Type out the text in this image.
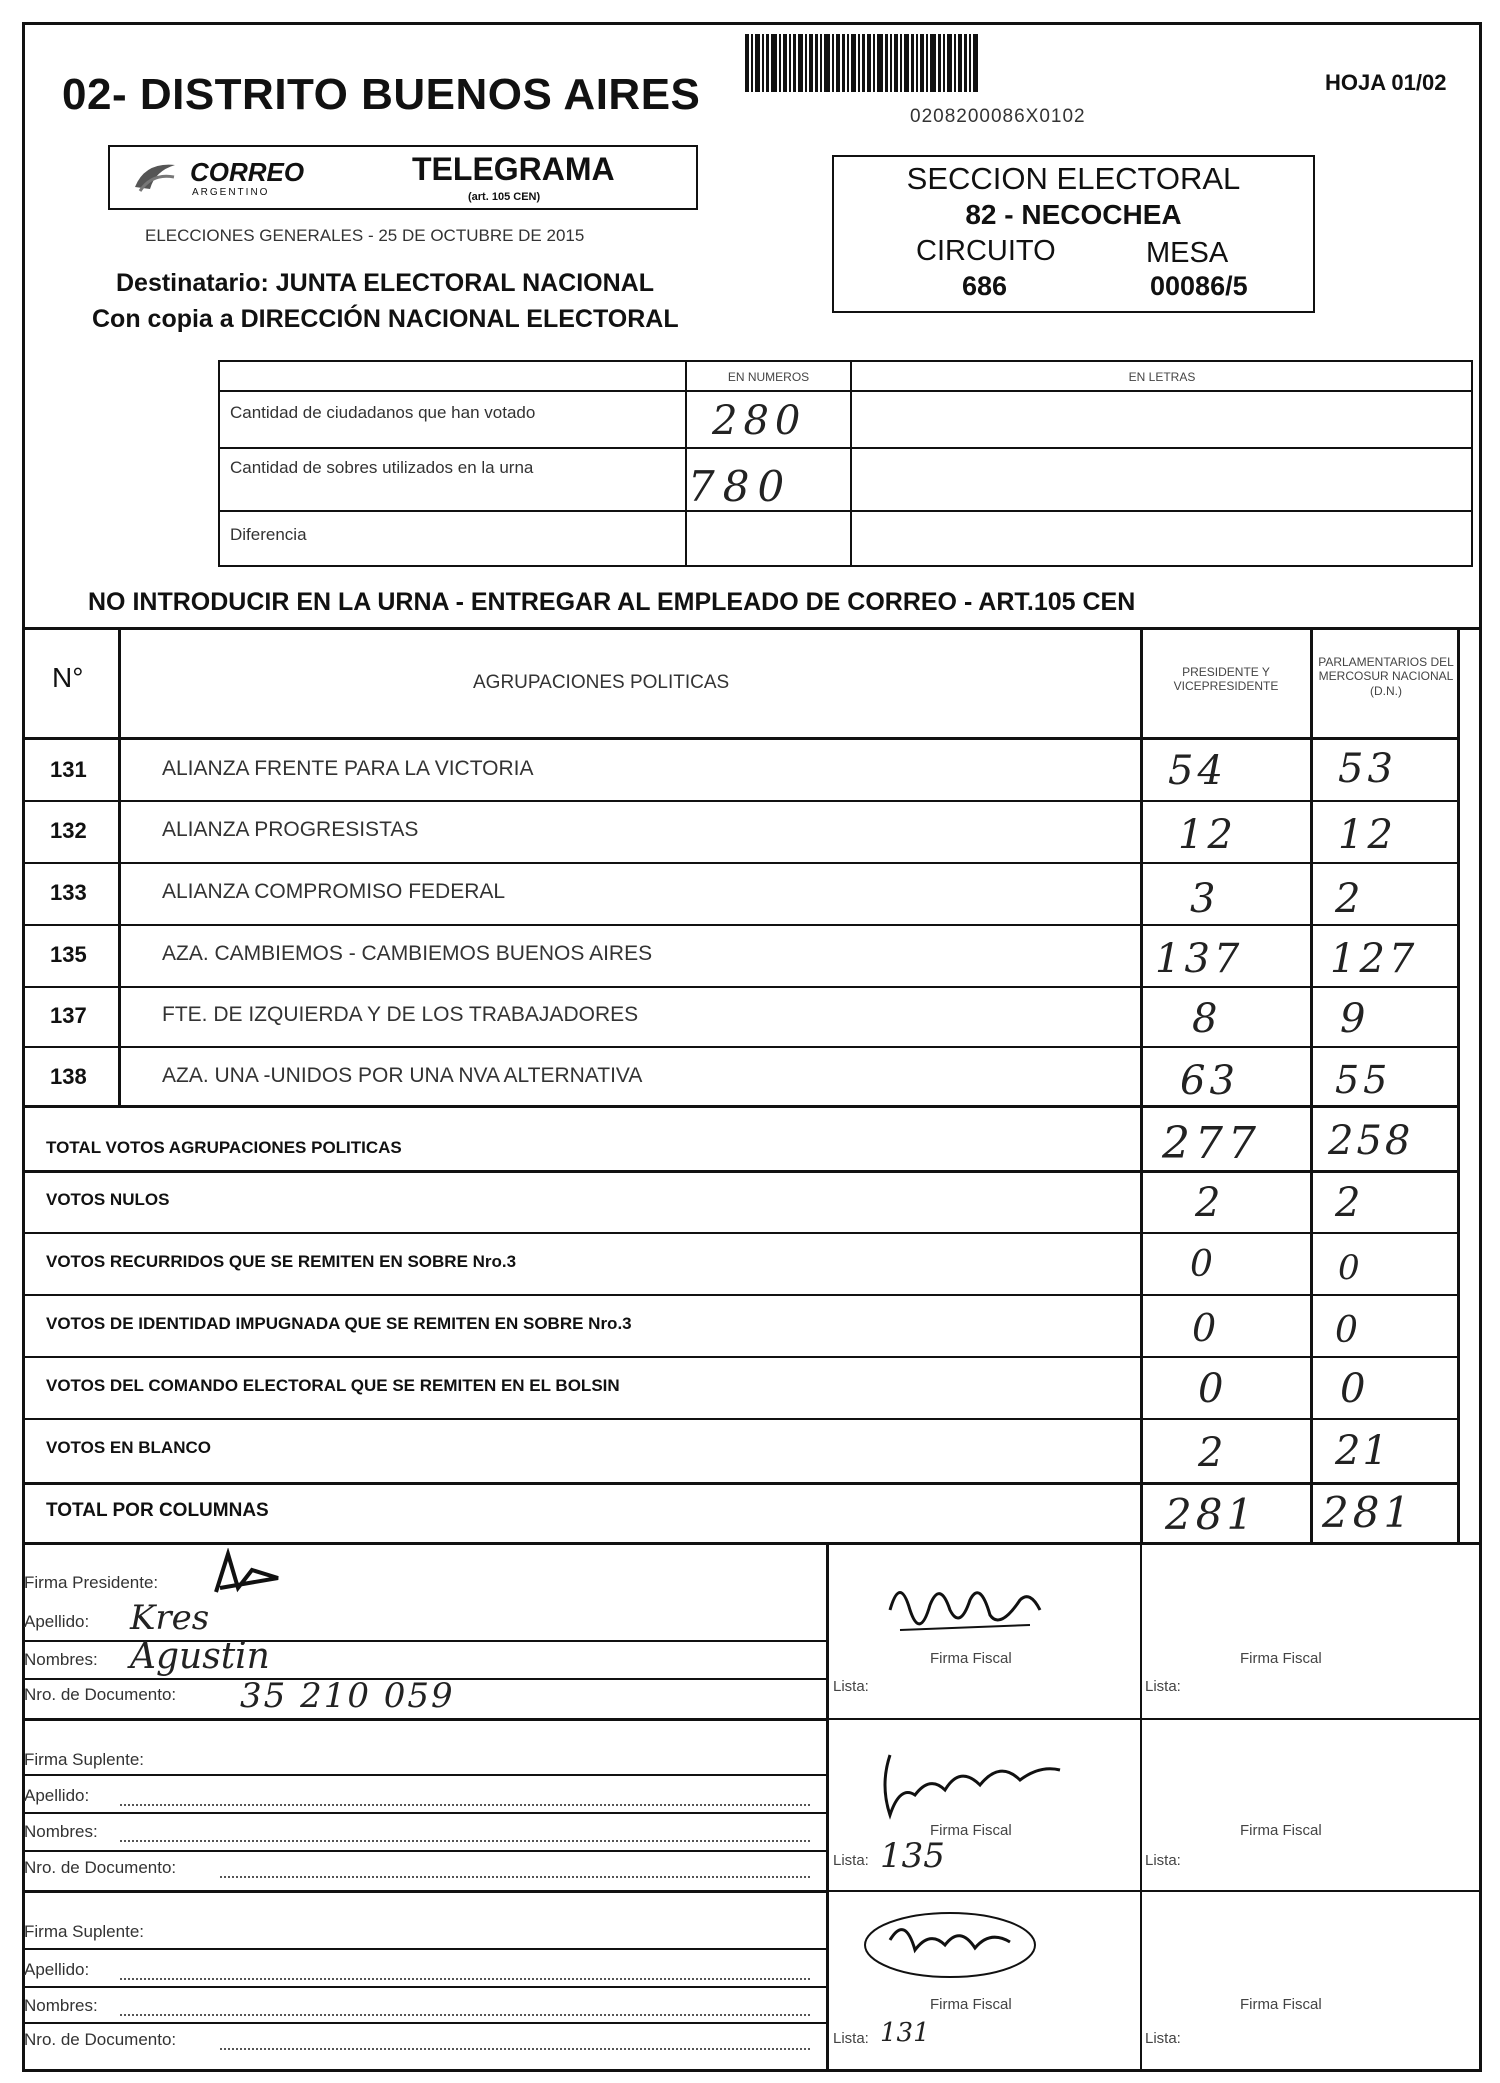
02- DISTRITO BUENOS AIRES	0208200086X0102
HOJA 01/02
CORREO
ARGENTINO
TELEGRAMA
(art. 105 CEN)
ELECCIONES GENERALES - 25 DE OCTUBRE DE 2015
Destinatario: JUNTA ELECTORAL NACIONAL
Con copia a DIRECCIÓN NACIONAL ELECTORAL
SECCION ELECTORAL
82 - NECOCHEA
CIRCUITO
686
MESA
00086/5
EN NUMEROS	EN LETRAS
Cantidad de ciudadanos que han votado	280
Cantidad de sobres utilizados en la urna	780
Diferencia
NO INTRODUCIR EN LA URNA - ENTREGAR AL EMPLEADO DE CORREO - ART.105 CEN
N°	AGRUPACIONES POLITICAS	PRESIDENTE Y VICEPRESIDENTE
PARLAMENTARIOS DEL MERCOSUR NACIONAL (D.N.)
131	ALIANZA FRENTE PARA LA VICTORIA	54	53
132	ALIANZA PROGRESISTAS	12	12
133	ALIANZA COMPROMISO FEDERAL	3	2
135	AZA. CAMBIEMOS - CAMBIEMOS BUENOS AIRES	137 127
137	FTE. DE IZQUIERDA Y DE LOS TRABAJADORES	8	9
138	AZA. UNA -UNIDOS POR UNA NVA ALTERNATIVA	63	55
TOTAL VOTOS AGRUPACIONES POLITICAS	277 258
VOTOS NULOS	2	2
VOTOS RECURRIDOS QUE SE REMITEN EN SOBRE Nro.3	0	0
VOTOS DE IDENTIDAD IMPUGNADA QUE SE REMITEN EN SOBRE Nro.3	0	0
VOTOS DEL COMANDO ELECTORAL QUE SE REMITEN EN EL BOLSIN	0	0
VOTOS EN BLANCO	2	21
TOTAL POR COLUMNAS	281 281
Firma Presidente:
Apellido: Kres
Nombres: Agustin
Nro. de Documento: 35 210 059
Firma Suplente:
Apellido:
Nombres:
Nro. de Documento:
Firma Suplente:
Apellido:
Nombres:
Nro. de Documento:
Firma Fiscal
Lista:
Firma Fiscal
Lista:
Firma Fiscal
Lista: 135
Firma Fiscal
Lista:
Firma Fiscal
Lista: 131
Firma Fiscal
Lista:
